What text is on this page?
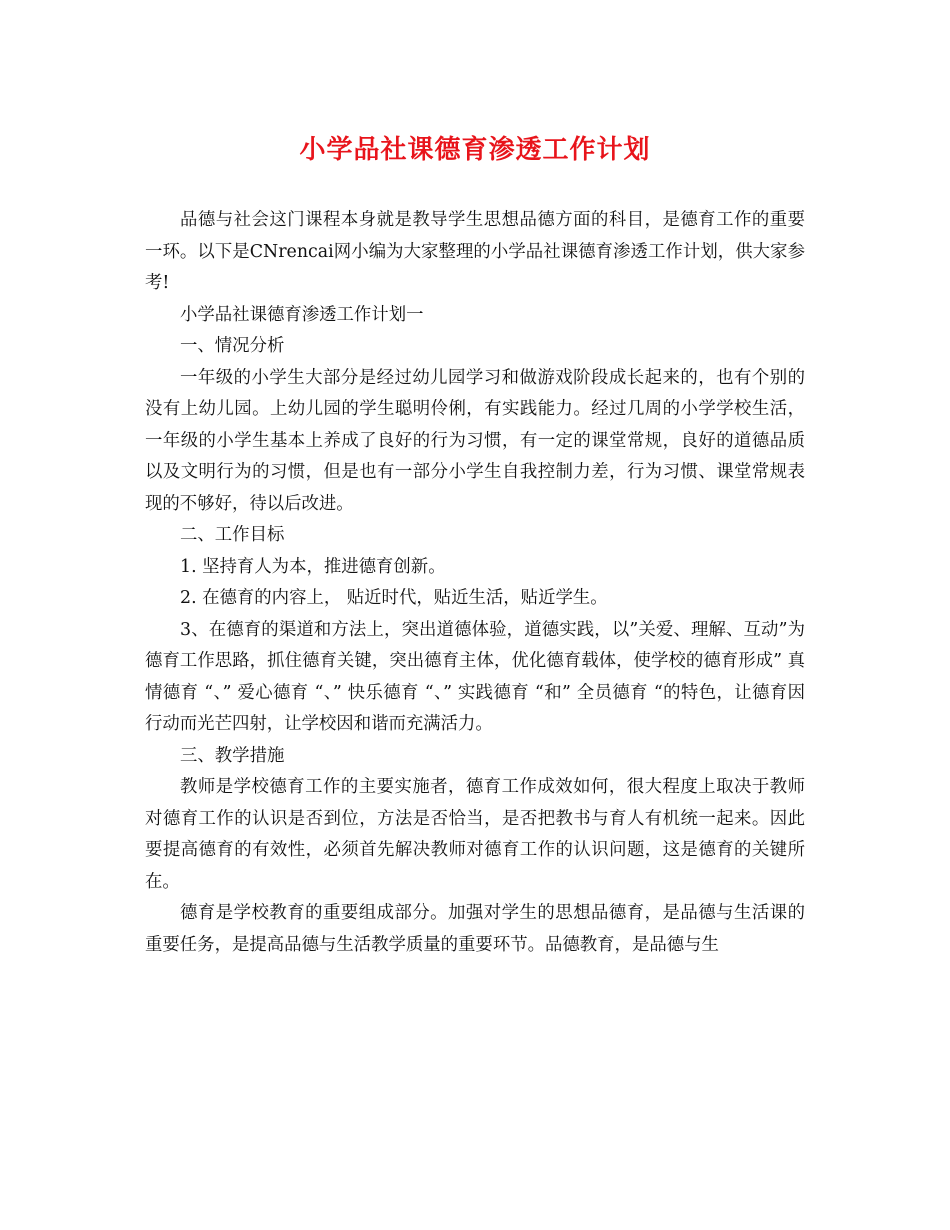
小学品社课德育渗透工作计划

品德与社会这门课程本身就是教导学生思想品德方面的科目，是德育工作的重要一环。以下是CNrencai网小编为大家整理的小学品社课德育渗透工作计划，供大家参考!

小学品社课德育渗透工作计划一

一、情况分析

一年级的小学生大部分是经过幼儿园学习和做游戏阶段成长起来的，也有个别的没有上幼儿园。上幼儿园的学生聪明伶俐，有实践能力。经过几周的小学学校生活，一年级的小学生基本上养成了良好的行为习惯，有一定的课堂常规，良好的道德品质以及文明行为的习惯，但是也有一部分小学生自我控制力差，行为习惯、课堂常规表现的不够好，待以后改进。

二、工作目标

1. 坚持育人为本，推进德育创新。

2. 在德育的内容上， 贴近时代，贴近生活，贴近学生。

3、在德育的渠道和方法上，突出道德体验，道德实践，以”关爱、理解、互动”为德育工作思路，抓住德育关键，突出德育主体，优化德育载体，使学校的德育形成” 真情德育 “、” 爱心德育 “、” 快乐德育 “、” 实践德育 “和” 全员德育 “的特色，让德育因行动而光芒四射，让学校因和谐而充满活力。

三、教学措施

教师是学校德育工作的主要实施者，德育工作成效如何，很大程度上取决于教师对德育工作的认识是否到位，方法是否恰当，是否把教书与育人有机统一起来。因此要提高德育的有效性，必须首先解决教师对德育工作的认识问题，这是德育的关键所在。

德育是学校教育的重要组成部分。加强对学生的思想品德育，是品德与生活课的重要任务，是提高品德与生活教学质量的重要环节。品德教育，是品德与生
